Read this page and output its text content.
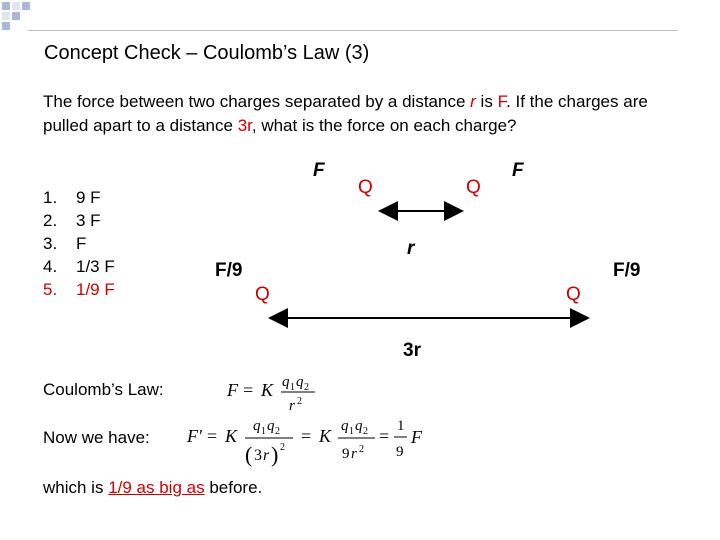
Concept Check – Coulomb’s Law (3)
The force between two charges separated by a distance r is F. If the charges are pulled apart to a distance 3r, what is the force on each charge?
1.	9 F
2.	3 F
3.	F
4.	1/3 F
5.	1/9 F
F	F
Q	Q
r
F/9	F/9
Q	Q
3r
Coulomb’s Law:	F = K q 1 q 2
r 2
Now we have: F' = K q 1 q 2
( 3 r ) 2
= K q 1 q 2
9 r 2
= 1
9
F
which is 1/9 as big as before.
